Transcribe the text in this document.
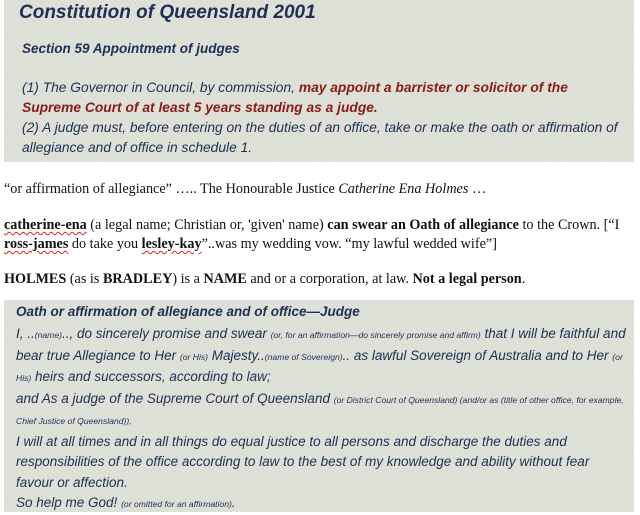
Constitution of Queensland 2001
Section 59 Appointment of judges
(1) The Governor in Council, by commission, may appoint a barrister or solicitor of the Supreme Court of at least 5 years standing as a judge.
(2) A judge must, before entering on the duties of an office, take or make the oath or affirmation of allegiance and of office in schedule 1.
“or affirmation of allegiance” ….. The Honourable Justice Catherine Ena Holmes …
catherine-ena (a legal name; Christian or, 'given' name) can swear an Oath of allegiance to the Crown. [“I ross-james do take you lesley-kay”..was my wedding vow. “my lawful wedded wife”]
HOLMES (as is BRADLEY) is a NAME and or a corporation, at law. Not a legal person.
Oath or affirmation of allegiance and of office—Judge
I, ..(name).., do sincerely promise and swear (or, for an affirmation—do sincerely promise and affirm) that I will be faithful and bear true Allegiance to Her (or His) Majesty..(name of Sovereign).. as lawful Sovereign of Australia and to Her (or His) heirs and successors, according to law;
and As a judge of the Supreme Court of Queensland (or District Court of Queensland) (and/or as (title of other office, for example, Chief Justice of Queensland)),
I will at all times and in all things do equal justice to all persons and discharge the duties and responsibilities of the office according to law to the best of my knowledge and ability without fear favour or affection.
So help me God! (or omitted for an affirmation).
